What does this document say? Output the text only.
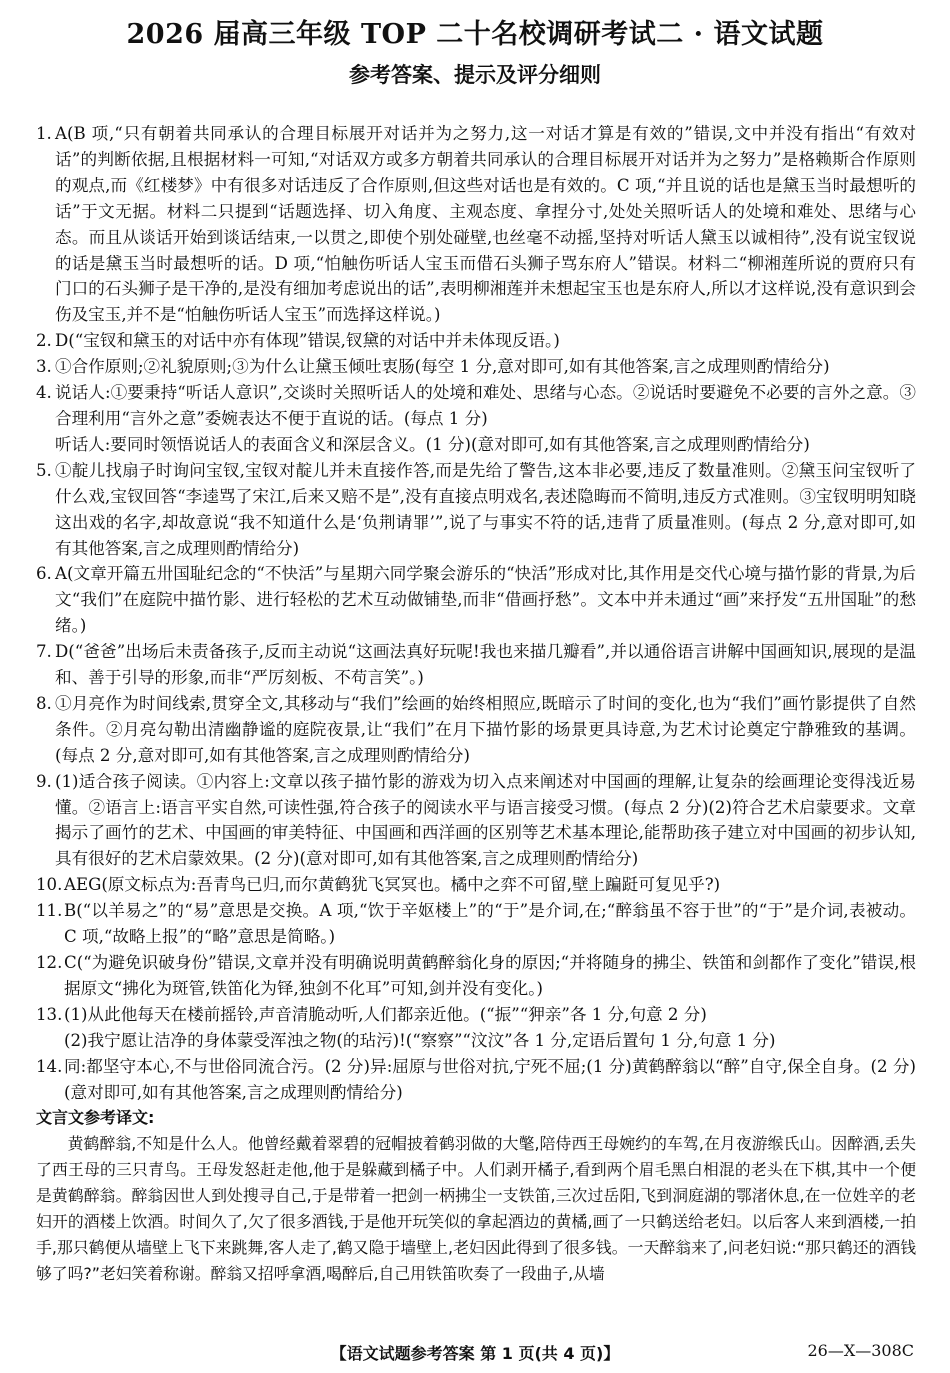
2026 届高三年级 TOP 二十名校调研考试二 · 语文试题
参考答案、提示及评分细则
1. A(B 项,“只有朝着共同承认的合理目标展开对话并为之努力,这一对话才算是有效的”错误,文中并没有指出“有效对话”的判断依据,且根据材料一可知,“对话双方或多方朝着共同承认的合理目标展开对话并为之努力”是格赖斯合作原则的观点,而《红楼梦》中有很多对话违反了合作原则,但这些对话也是有效的。C 项,“并且说的话也是黛玉当时最想听的话”于文无据。材料二只提到“话题选择、切入角度、主观态度、拿捏分寸,处处关照听话人的处境和难处、思绪与心态。而且从谈话开始到谈话结束,一以贯之,即使个别处碰壁,也丝毫不动摇,坚持对听话人黛玉以诚相待”,没有说宝钗说的话是黛玉当时最想听的话。D 项,“怕触伤听话人宝玉而借石头狮子骂东府人”错误。材料二“柳湘莲所说的贾府只有门口的石头狮子是干净的,是没有细加考虑说出的话”,表明柳湘莲并未想起宝玉也是东府人,所以才这样说,没有意识到会伤及宝玉,并不是“怕触伤听话人宝玉”而选择这样说。)
2. D(“宝钗和黛玉的对话中亦有体现”错误,钗黛的对话中并未体现反语。)
3. ①合作原则;②礼貌原则;③为什么让黛玉倾吐衷肠(每空 1 分,意对即可,如有其他答案,言之成理则酌情给分)
4. 说话人:①要秉持“听话人意识”,交谈时关照听话人的处境和难处、思绪与心态。②说话时要避免不必要的言外之意。③合理利用“言外之意”委婉表达不便于直说的话。(每点 1 分)
听话人:要同时领悟说话人的表面含义和深层含义。(1 分)(意对即可,如有其他答案,言之成理则酌情给分)
5. ①靛儿找扇子时询问宝钗,宝钗对靛儿并未直接作答,而是先给了警告,这本非必要,违反了数量准则。②黛玉问宝钗听了什么戏,宝钗回答“李逵骂了宋江,后来又赔不是”,没有直接点明戏名,表述隐晦而不简明,违反方式准则。③宝钗明明知晓这出戏的名字,却故意说“我不知道什么是‘负荆请罪’”,说了与事实不符的话,违背了质量准则。(每点 2 分,意对即可,如有其他答案,言之成理则酌情给分)
6. A(文章开篇五卅国耻纪念的“不快活”与星期六同学聚会游乐的“快活”形成对比,其作用是交代心境与描竹影的背景,为后文“我们”在庭院中描竹影、进行轻松的艺术互动做铺垫,而非“借画抒愁”。文本中并未通过“画”来抒发“五卅国耻”的愁绪。)
7. D(“爸爸”出场后未责备孩子,反而主动说“这画法真好玩呢!我也来描几瓣看”,并以通俗语言讲解中国画知识,展现的是温和、善于引导的形象,而非“严厉刻板、不苟言笑”。)
8. ①月亮作为时间线索,贯穿全文,其移动与“我们”绘画的始终相照应,既暗示了时间的变化,也为“我们”画竹影提供了自然条件。②月亮勾勒出清幽静谧的庭院夜景,让“我们”在月下描竹影的场景更具诗意,为艺术讨论奠定宁静雅致的基调。(每点 2 分,意对即可,如有其他答案,言之成理则酌情给分)
9. (1)适合孩子阅读。①内容上:文章以孩子描竹影的游戏为切入点来阐述对中国画的理解,让复杂的绘画理论变得浅近易懂。②语言上:语言平实自然,可读性强,符合孩子的阅读水平与语言接受习惯。(每点 2 分)(2)符合艺术启蒙要求。文章揭示了画竹的艺术、中国画的审美特征、中国画和西洋画的区别等艺术基本理论,能帮助孩子建立对中国画的初步认知,具有很好的艺术启蒙效果。(2 分)(意对即可,如有其他答案,言之成理则酌情给分)
10. AEG(原文标点为:吾青鸟已归,而尔黄鹤犹飞冥冥也。橘中之弈不可留,壁上蹁跹可复见乎?)
11. B(“以羊易之”的“易”意思是交换。A 项,“饮于辛妪楼上”的“于”是介词,在;“醉翁虽不容于世”的“于”是介词,表被动。C 项,“故略上报”的“略”意思是简略。)
12. C(“为避免识破身份”错误,文章并没有明确说明黄鹤醉翁化身的原因;“并将随身的拂尘、铁笛和剑都作了变化”错误,根据原文“拂化为斑管,铁笛化为铎,独剑不化耳”可知,剑并没有变化。)
13. (1)从此他每天在楼前摇铃,声音清脆动听,人们都亲近他。(“振”“狎亲”各 1 分,句意 2 分)
(2)我宁愿让洁净的身体蒙受浑浊之物(的玷污)!(“察察”“汶汶”各 1 分,定语后置句 1 分,句意 1 分)
14. 同:都坚守本心,不与世俗同流合污。(2 分)异:屈原与世俗对抗,宁死不屈;(1 分)黄鹤醉翁以“醉”自守,保全自身。(2 分)(意对即可,如有其他答案,言之成理则酌情给分)
文言文参考译文:
黄鹤醉翁,不知是什么人。他曾经戴着翠碧的冠帽披着鹤羽做的大氅,陪侍西王母婉约的车驾,在月夜游缑氏山。因醉酒,丢失了西王母的三只青鸟。王母发怒赶走他,他于是躲藏到橘子中。人们剥开橘子,看到两个眉毛黑白相混的老头在下棋,其中一个便是黄鹤醉翁。醉翁因世人到处搜寻自己,于是带着一把剑一柄拂尘一支铁笛,三次过岳阳,飞到洞庭湖的鄂渚休息,在一位姓辛的老妇开的酒楼上饮酒。时间久了,欠了很多酒钱,于是他开玩笑似的拿起酒边的黄橘,画了一只鹤送给老妇。以后客人来到酒楼,一拍手,那只鹤便从墙壁上飞下来跳舞,客人走了,鹤又隐于墙壁上,老妇因此得到了很多钱。一天醉翁来了,问老妇说:“那只鹤还的酒钱够了吗?”老妇笑着称谢。醉翁又招呼拿酒,喝醉后,自己用铁笛吹奏了一段曲子,从墙
【语文试题参考答案 第 1 页(共 4 页)】	26—X—308C
